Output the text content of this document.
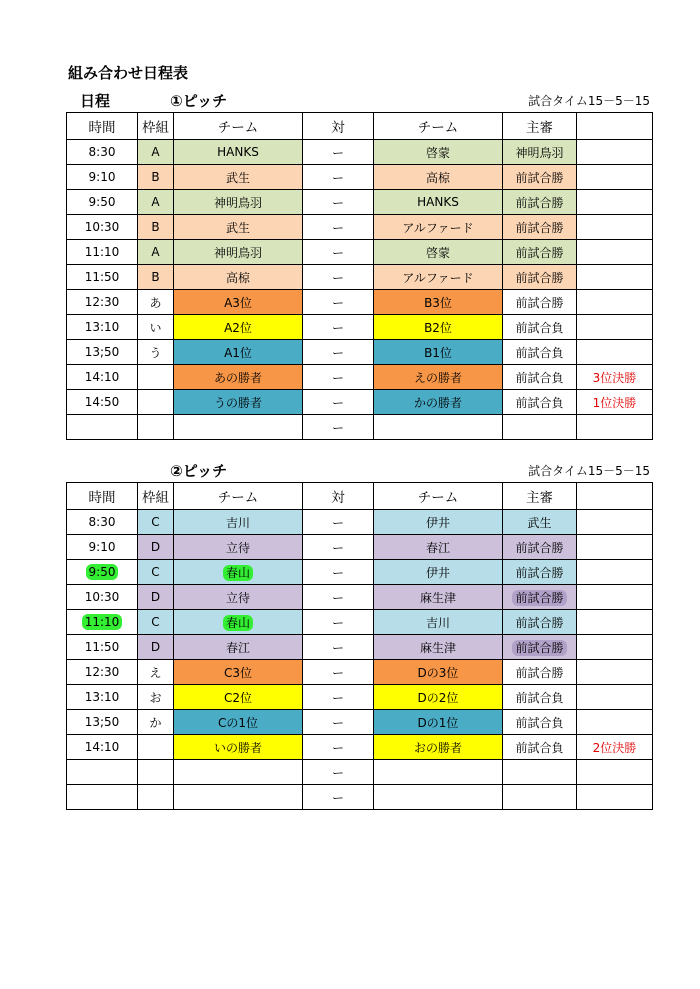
組み合わせ日程表
日程	①ピッチ	試合タイム15－5－15
時間	枠組	チーム	対	チーム	主審	
8:30	A	HANKS	ー	啓蒙	神明鳥羽	
9:10	B	武生	ー	高椋	前試合勝	
9:50	A	神明鳥羽	ー	HANKS	前試合勝	
10:30	B	武生	ー	アルファード	前試合勝	
11:10	A	神明鳥羽	ー	啓蒙	前試合勝	
11:50	B	高椋	ー	アルファード	前試合勝	
12:30	あ	A3位	ー	B3位	前試合勝	
13:10	い	A2位	ー	B2位	前試合負	
13;50	う	A1位	ー	B1位	前試合負	
14:10		あの勝者	ー	えの勝者	前試合負	3位決勝
14:50		うの勝者	ー	かの勝者	前試合負	1位決勝
			ー			
②ピッチ	試合タイム15－5－15
時間	枠組	チーム	対	チーム	主審	
8:30	C	吉川	ー	伊井	武生	
9:10	D	立待	ー	春江	前試合勝	
9:50	C	春山	ー	伊井	前試合勝	
10:30	D	立待	ー	麻生津	前試合勝	
11:10	C	春山	ー	吉川	前試合勝	
11:50	D	春江	ー	麻生津	前試合勝	
12:30	え	C3位	ー	Dの3位	前試合勝	
13:10	お	C2位	ー	Dの2位	前試合負	
13;50	か	Cの1位	ー	Dの1位	前試合負	
14:10		いの勝者	ー	おの勝者	前試合負	2位決勝
			ー			
			ー			
